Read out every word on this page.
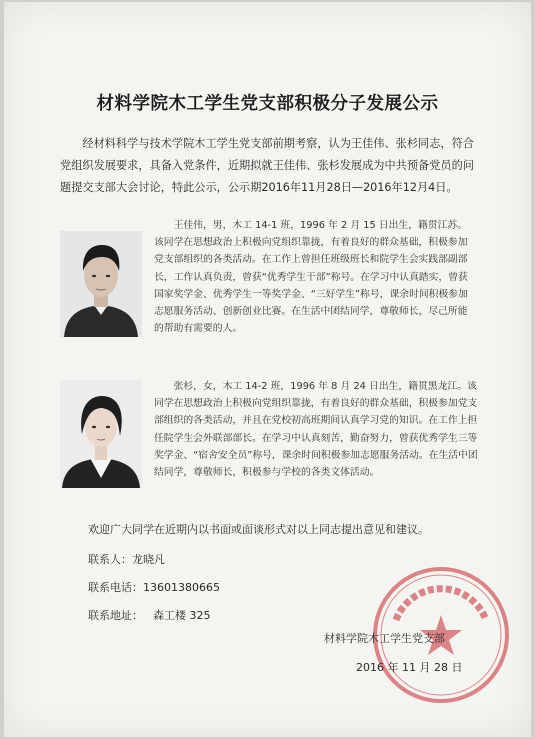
材料学院木工学生党支部积极分子发展公示
经材料科学与技术学院木工学生党支部前期考察，认为王佳伟、张杉同志，符合党组织发展要求，具备入党条件，近期拟就王佳伟、张杉发展成为中共预备党员的问题提交支部大会讨论，特此公示，公示期2016年11月28日—2016年12月4日。
王佳伟，男，木工 14-1 班，1996 年 2 月 15 日出生，籍贯江苏。该同学在思想政治上积极向党组织靠拢，有着良好的群众基础，积极参加党支部组织的各类活动。在工作上曾担任班级班长和院学生会实践部副部长，工作认真负责，曾获“优秀学生干部”称号。在学习中认真踏实，曾获国家奖学金、优秀学生一等奖学金、“三好学生”称号，课余时间积极参加志愿服务活动、创新创业比赛。在生活中团结同学，尊敬师长，尽己所能的帮助有需要的人。
张杉，女，木工 14-2 班，1996 年 8 月 24 日出生，籍贯黑龙江。该同学在思想政治上积极向党组织靠拢，有着良好的群众基础，积极参加党支部组织的各类活动，并且在党校初高班期间认真学习党的知识。在工作上担任院学生会外联部部长。在学习中认真刻苦，勤奋努力，曾获优秀学生三等奖学金、“宿舍安全员”称号，课余时间积极参加志愿服务活动。在生活中团结同学，尊敬师长，积极参与学校的各类文体活动。
欢迎广大同学在近期内以书面或面谈形式对以上同志提出意见和建议。
联系人：龙晓凡
联系电话：13601380665
联系地址： 森工楼 325
材料学院木工学生党支部
2016 年 11 月 28 日
